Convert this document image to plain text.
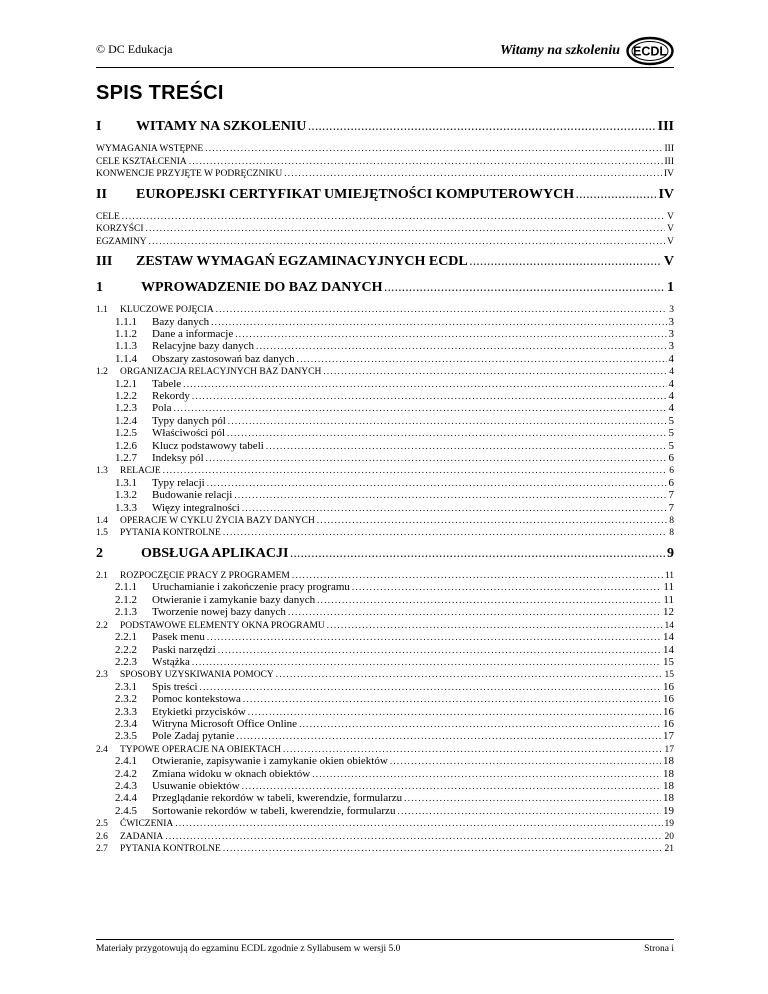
© DC Edukacja	Witamy na szkoleniu ECDL
SPIS TREŚCI
I	WITAMY NA SZKOLENIU .....	III
WYMAGANIA WSTĘPNE .....	III
CELE KSZTAŁCENIA .....	III
KONWENCJE PRZYJĘTE W PODRĘCZNIKU .....	IV
II	EUROPEJSKI CERTYFIKAT UMIEJĘTNOŚCI KOMPUTEROWYCH .....	IV
CELE .....	V
KORZYŚCI .....	V
EGZAMINY .....	V
III	ZESTAW WYMAGAŃ EGZAMINACYJNYCH ECDL .....	V
1	WPROWADZENIE DO BAZ DANYCH .....	1
1.1	KLUCZOWE POJĘCIA .....	3
1.1.1	Bazy danych .....	3
1.1.2	Dane a informacje .....	3
1.1.3	Relacyjne bazy danych .....	3
1.1.4	Obszary zastosowań baz danych .....	4
1.2	ORGANIZACJA RELACYJNYCH BAZ DANYCH .....	4
1.2.1	Tabele .....	4
1.2.2	Rekordy .....	4
1.2.3	Pola .....	4
1.2.4	Typy danych pól .....	5
1.2.5	Właściwości pól .....	5
1.2.6	Klucz podstawowy tabeli .....	5
1.2.7	Indeksy pól .....	6
1.3	RELACJE .....	6
1.3.1	Typy relacji .....	6
1.3.2	Budowanie relacji .....	7
1.3.3	Więzy integralności .....	7
1.4	OPERACJE W CYKLU ŻYCIA BAZY DANYCH .....	8
1.5	PYTANIA KONTROLNE .....	8
2	OBSŁUGA APLIKACJI .....	9
2.1	ROZPOCZĘCIE PRACY Z PROGRAMEM .....	11
2.1.1	Uruchamianie i zakończenie pracy programu .....	11
2.1.2	Otwieranie i zamykanie bazy danych .....	11
2.1.3	Tworzenie nowej bazy danych .....	12
2.2	PODSTAWOWE ELEMENTY OKNA PROGRAMU .....	14
2.2.1	Pasek menu .....	14
2.2.2	Paski narzędzi .....	14
2.2.3	Wstążka .....	15
2.3	SPOSOBY UZYSKIWANIA POMOCY .....	15
2.3.1	Spis treści .....	16
2.3.2	Pomoc kontekstowa .....	16
2.3.3	Etykietki przycisków .....	16
2.3.4	Witryna Microsoft Office Online .....	16
2.3.5	Pole Zadaj pytanie .....	17
2.4	TYPOWE OPERACJE NA OBIEKTACH .....	17
2.4.1	Otwieranie, zapisywanie i zamykanie okien obiektów .....	18
2.4.2	Zmiana widoku w oknach obiektów .....	18
2.4.3	Usuwanie obiektów .....	18
2.4.4	Przeglądanie rekordów w tabeli, kwerendzie, formularzu .....	18
2.4.5	Sortowanie rekordów w tabeli, kwerendzie, formularzu .....	19
2.5	ĆWICZENIA .....	19
2.6	ZADANIA .....	20
2.7	PYTANIA KONTROLNE .....	21
Materiały przygotowują do egzaminu ECDL zgodnie z Syllabusem w wersji 5.0	Strona i
